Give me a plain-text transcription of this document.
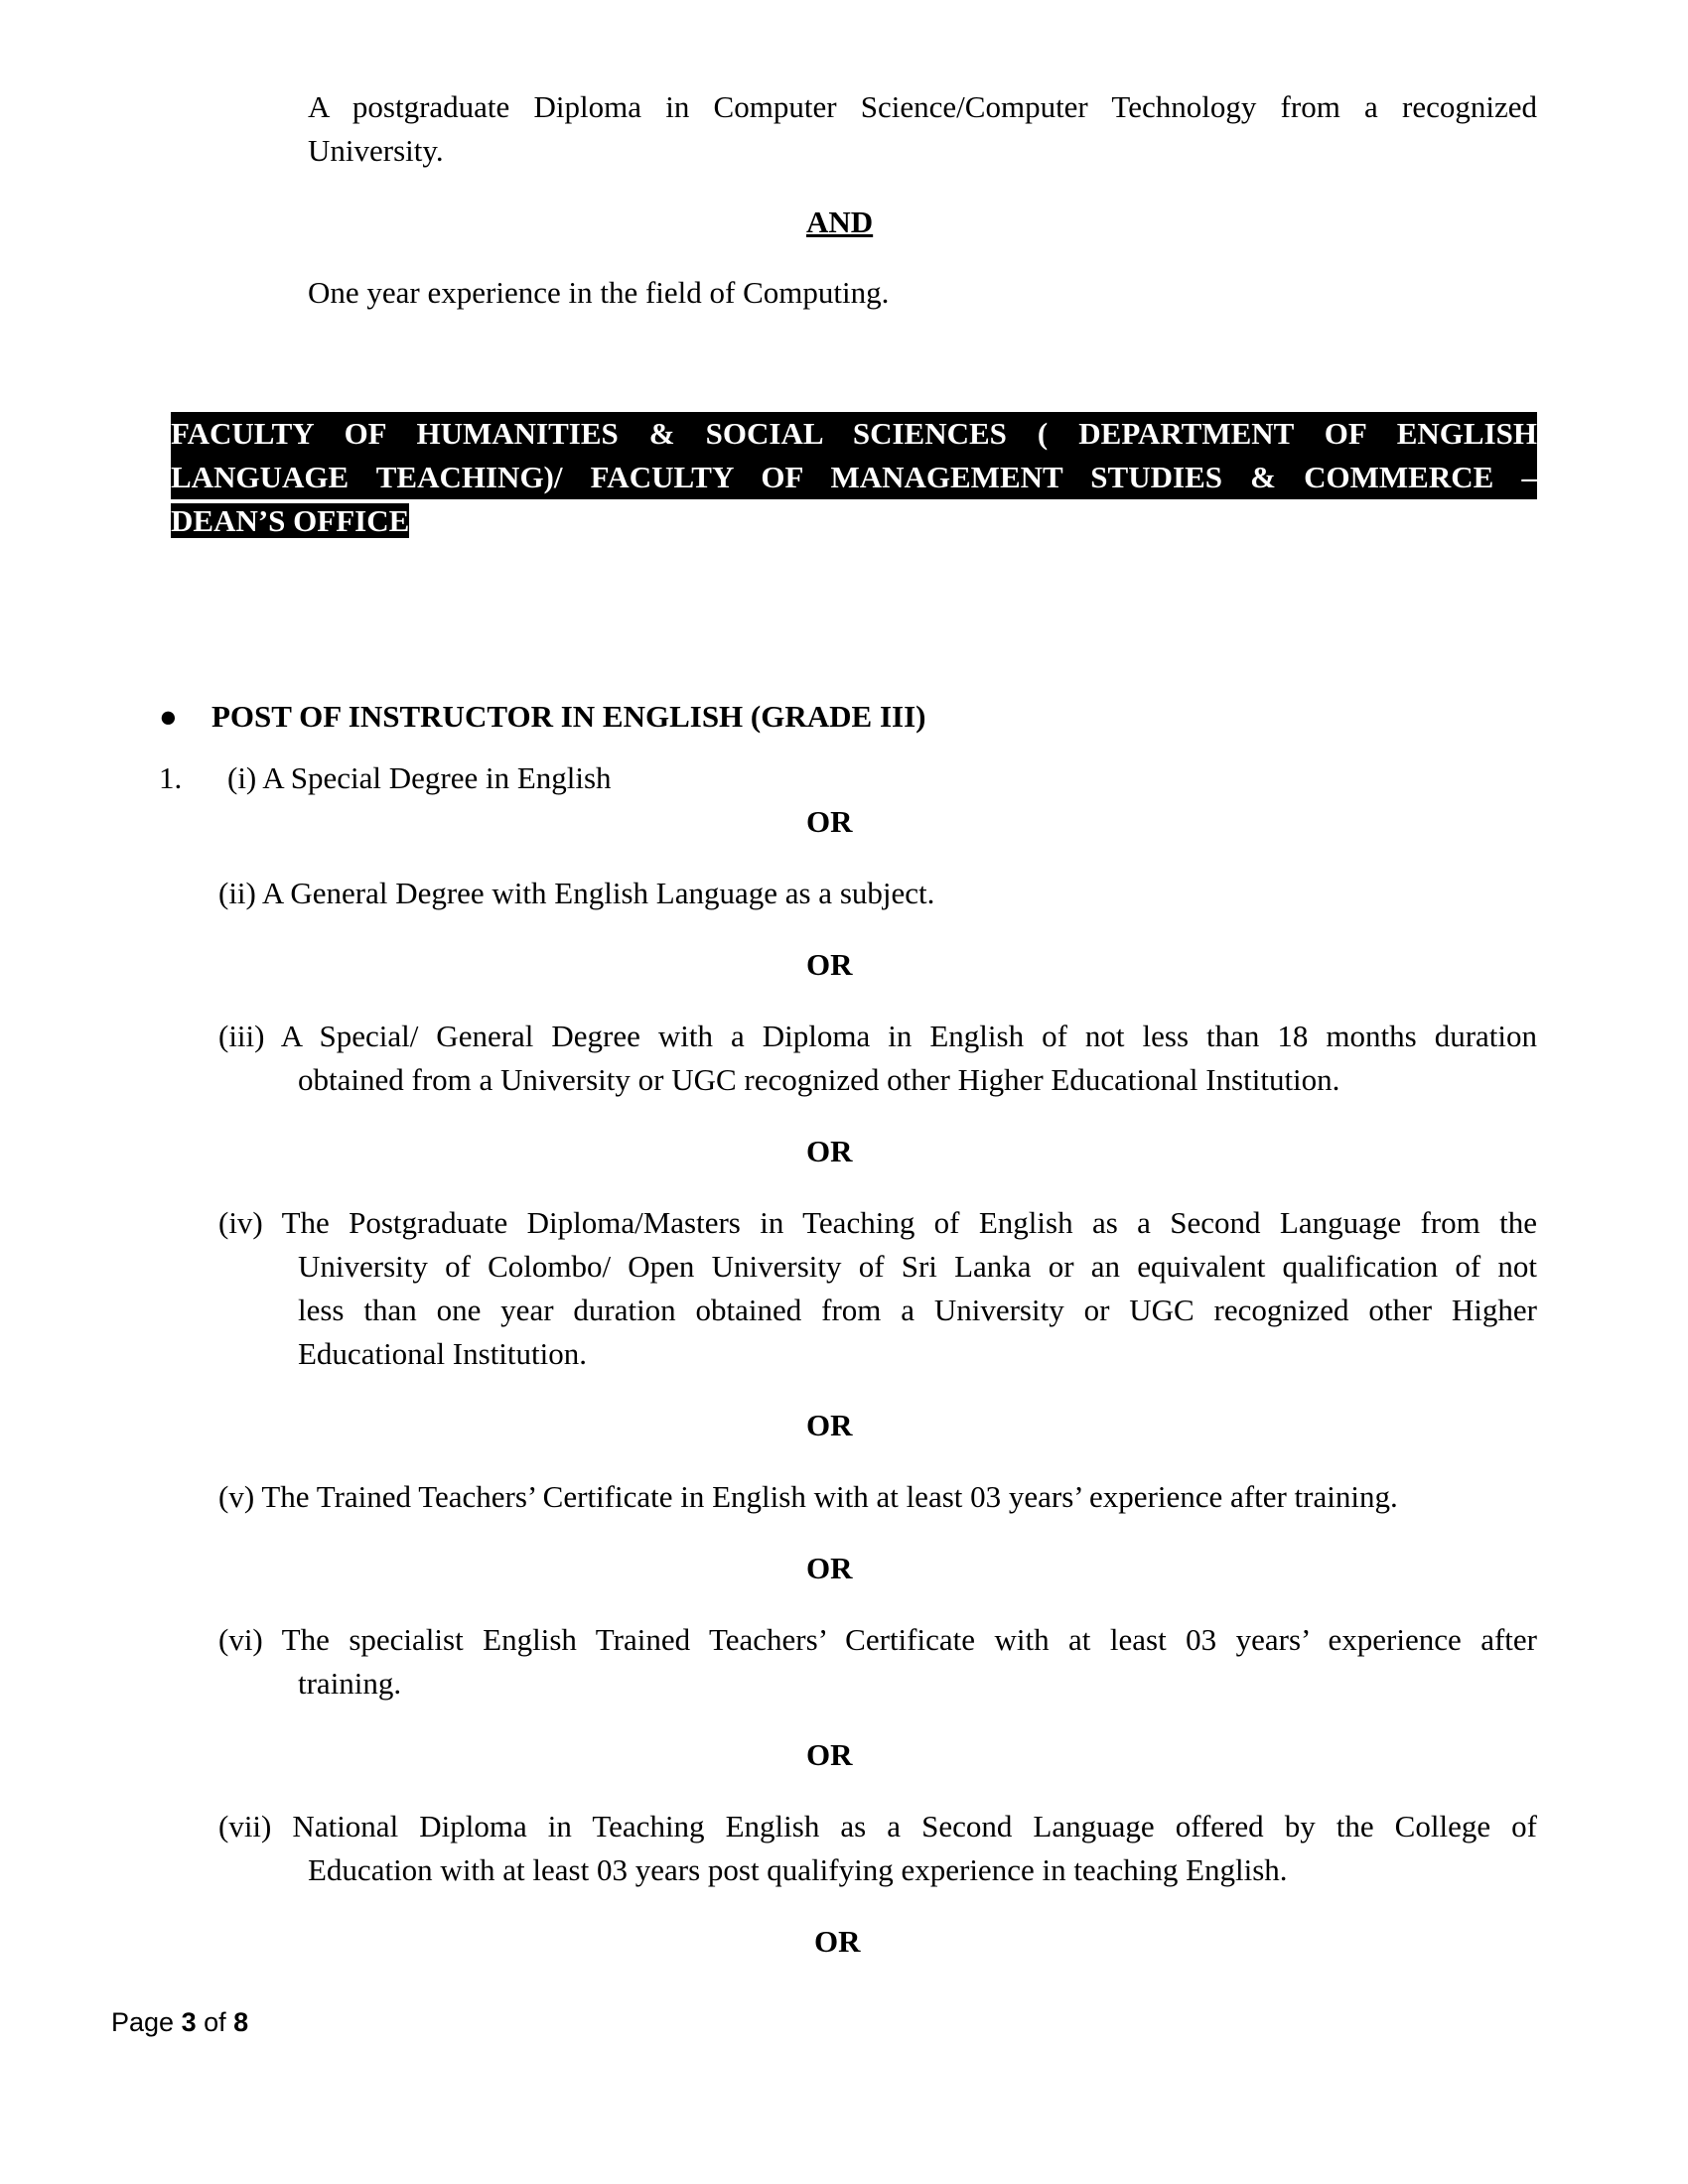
A postgraduate Diploma in Computer Science/Computer Technology from a recognized
University.
AND
One year experience in the field of Computing.
FACULTY OF HUMANITIES & SOCIAL SCIENCES ( DEPARTMENT OF ENGLISH
LANGUAGE TEACHING)/ FACULTY OF MANAGEMENT STUDIES & COMMERCE –
DEAN’S OFFICE
● POST OF INSTRUCTOR IN ENGLISH (GRADE III)
1. (i) A Special Degree in English
OR
(ii) A General Degree with English Language as a subject.
OR
(iii) A Special/ General Degree with a Diploma in English of not less than 18 months duration
obtained from a University or UGC recognized other Higher Educational Institution.
OR
(iv) The Postgraduate Diploma/Masters in Teaching of English as a Second Language from the
University of Colombo/ Open University of Sri Lanka or an equivalent qualification of not
less than one year duration obtained from a University or UGC recognized other Higher
Educational Institution.
OR
(v) The Trained Teachers’ Certificate in English with at least 03 years’ experience after training.
OR
(vi) The specialist English Trained Teachers’ Certificate with at least 03 years’ experience after
training.
OR
(vii) National Diploma in Teaching English as a Second Language offered by the College of
Education with at least 03 years post qualifying experience in teaching English.
OR
Page 3 of 8
